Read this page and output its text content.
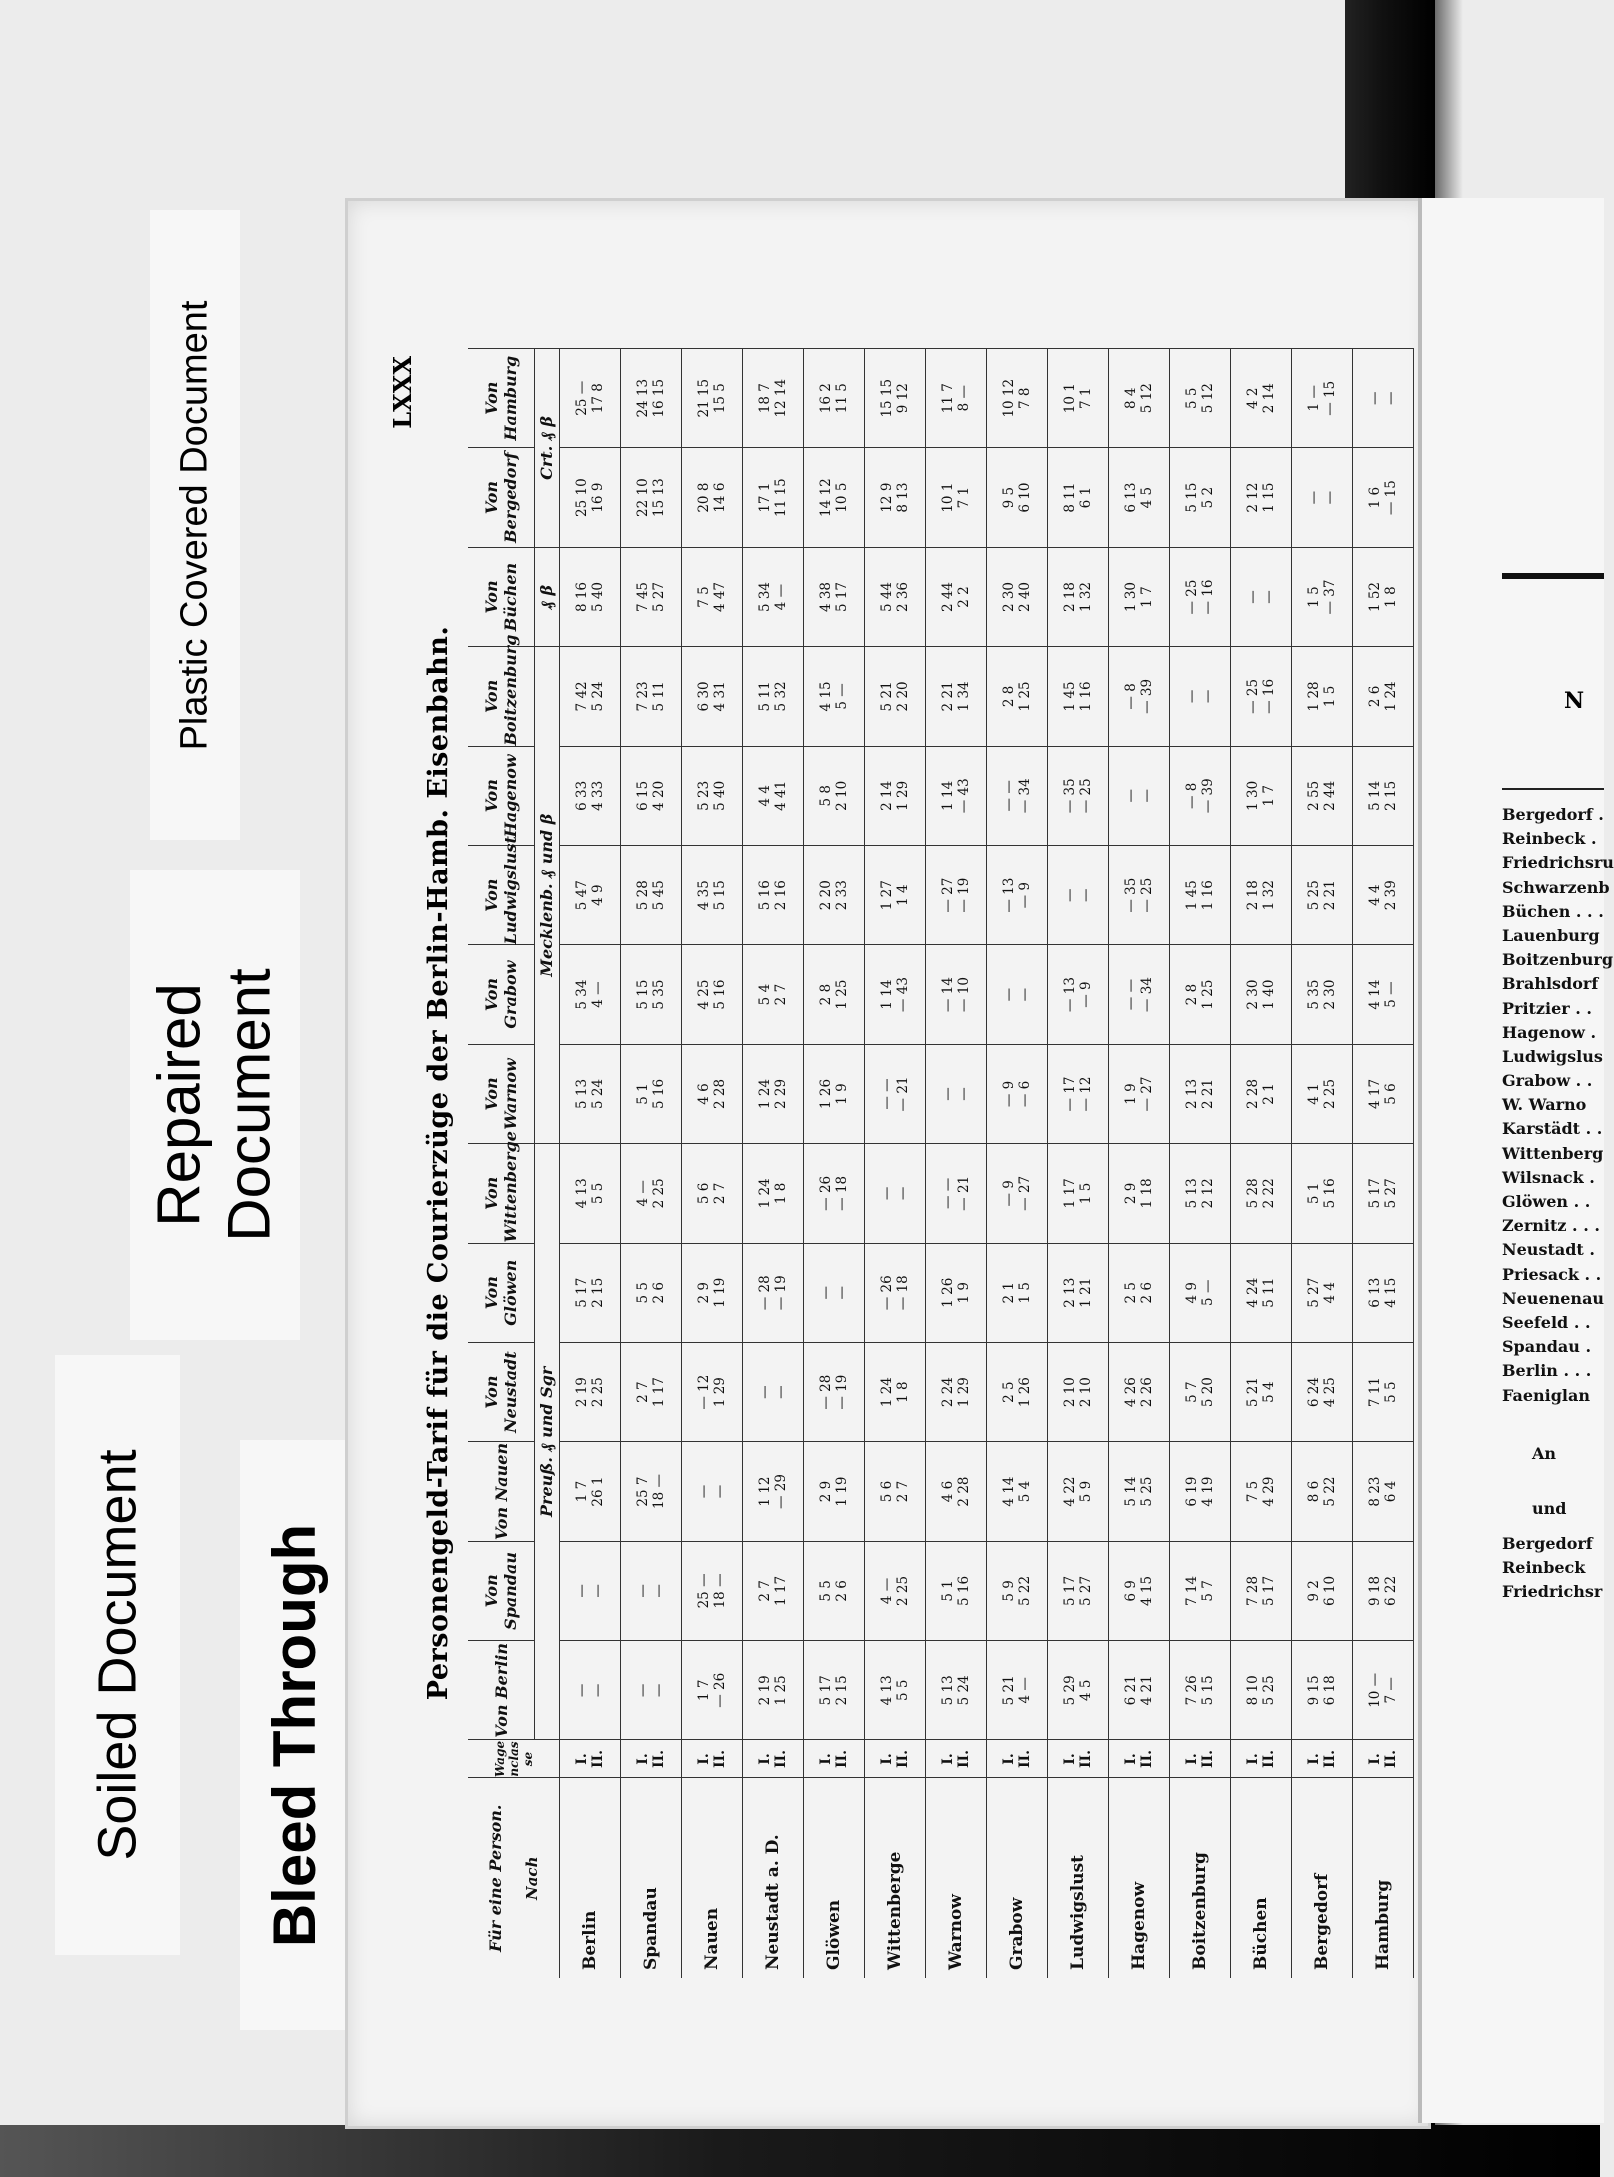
Plastic Covered Document
Repaired Document
Soiled Document Bleed Through
N
Bergedorf .
Reinbeck .
Friedrichsru
Schwarzenb
Büchen . . .
Lauenburg
Boitzenburg
Brahlsdorf
Pritzier . .
Hagenow .
Ludwigslus
Grabow . .
W. Warno
Karstädt . .
Wittenberg
Wilsnack .
Glöwen . .
Zernitz . . .
Neustadt .
Priesack . .
Neuenenau
Seefeld . .
Spandau .
Berlin . . .
Faeniglan
An
und
Bergedorf
Reinbeck
Friedrichsr
LXXX
Personengeld-Tarif für die Courierzüge der Berlin-Hamb. Eisenbahn.
Für eine Person. Nach	Wagenclasse	Von Berlin	Von Spandau	Von Nauen	Von Neustadt	Von Glöwen	Von Wittenberge	Von Warnow	Von Grabow	Von Ludwigslust	Von Hagenow	Von Boitzenburg	Von Büchen	Von Bergedorf	Von Hamburg
		Preuß. ₰ und Sgr						Mecklenb. ₰ und β					₰ β	Crt. ₰ β	
Berlin	I. II.	— —	— —	1 7 26 1	2 19 2 25	5 17 2 15	4 13 5 5	5 13 5 24	5 34 4 —	5 47 4 9	6 33 4 33	7 42 5 24	8 16 5 40	25 10 16 9	25 — 17 8

Spandau	I. II.	— —	— —	25 7 18 —	2 7 1 17	5 5 2 6	4 — 2 25	5 1 5 16	5 15 5 35	5 28 5 45	6 15 4 20	7 23 5 11	7 45 5 27	22 10 15 13	24 13 16 15

Nauen	I. II.	1 7 — 26	25 — 18 —	— —	— 12 1 29	2 9 1 19	5 6 2 7	4 6 2 28	4 25 5 16	4 35 5 15	5 23 5 40	6 30 4 31	7 5 4 47	20 8 14 6	21 15 15 5

Neustadt a. D.	I. II.	2 19 1 25	2 7 1 17	1 12 — 29	— —	— 28 — 19	1 24 1 8	1 24 2 29	5 4 2 7	5 16 2 16	4 4 4 41	5 11 5 32	5 34 4 —	17 1 11 15	18 7 12 14

Glöwen	I. II.	5 17 2 15	5 5 2 6	2 9 1 19	— 28 — 19	— —	— 26 — 18	1 26 1 9	2 8 1 25	2 20 2 33	5 8 2 10	4 15 5 —	4 38 5 17	14 12 10 5	16 2 11 5

Wittenberge	I. II.	4 13 5 5	4 — 2 25	5 6 2 7	1 24 1 8	— 26 — 18	— —	— — — 21	1 14 — 43	1 27 1 4	2 14 1 29	5 21 2 20	5 44 2 36	12 9 8 13	15 15 9 12

Warnow	I. II.	5 13 5 24	5 1 5 16	4 6 2 28	2 24 1 29	1 26 1 9	— — — 21	— —	— 14 — 10	— 27 — 19	1 14 — 43	2 21 1 34	2 44 2 2	10 1 7 1	11 7 8 —

Grabow	I. II.	5 21 4 —	5 9 5 22	4 14 5 4	2 5 1 26	2 1 1 5	— 9 — 27	— 9 — 6	— —	— 13 — 9	— — — 34	2 8 1 25	2 30 2 40	9 5 6 10	10 12 7 8

Ludwigslust	I. II.	5 29 4 5	5 17 5 27	4 22 5 9	2 10 2 10	2 13 1 21	1 17 1 5	— 17 — 12	— 13 — 9	— —	— 35 — 25	1 45 1 16	2 18 1 32	8 11 6 1	10 1 7 1

Hagenow	I. II.	6 21 4 21	6 9 4 15	5 14 5 25	4 26 2 26	2 5 2 6	2 9 1 18	1 9 — 27	— — — 34	— 35 — 25	— —	— 8 — 39	1 30 1 7	6 13 4 5	8 4 5 12

Boitzenburg	I. II.	7 26 5 15	7 14 5 7	6 19 4 19	5 7 5 20	4 9 5 —	5 13 2 12	2 13 2 21	2 8 1 25	1 45 1 16	— 8 — 39	— —	— 25 — 16	5 15 5 2	5 5 5 12

Büchen	I. II.	8 10 5 25	7 28 5 17	7 5 4 29	5 21 5 4	4 24 5 11	5 28 2 22	2 28 2 1	2 30 1 40	2 18 1 32	1 30 1 7	— 25 — 16	— —	2 12 1 15	4 2 2 14

Bergedorf	I. II.	9 15 6 18	9 2 6 10	8 6 5 22	6 24 4 25	5 27 4 4	5 1 5 16	4 1 2 25	5 35 2 30	5 25 2 21	2 55 2 44	1 28 1 5	1 5 — 37	— —	1 — — 15

Hamburg	I. II.	10 — 7 —	9 18 6 22	8 23 6 4	7 11 5 5	6 13 4 15	5 17 5 27	4 17 5 6	4 14 5 —	4 4 2 39	5 14 2 15	2 6 1 24	1 52 1 8	1 6 — 15	— —
